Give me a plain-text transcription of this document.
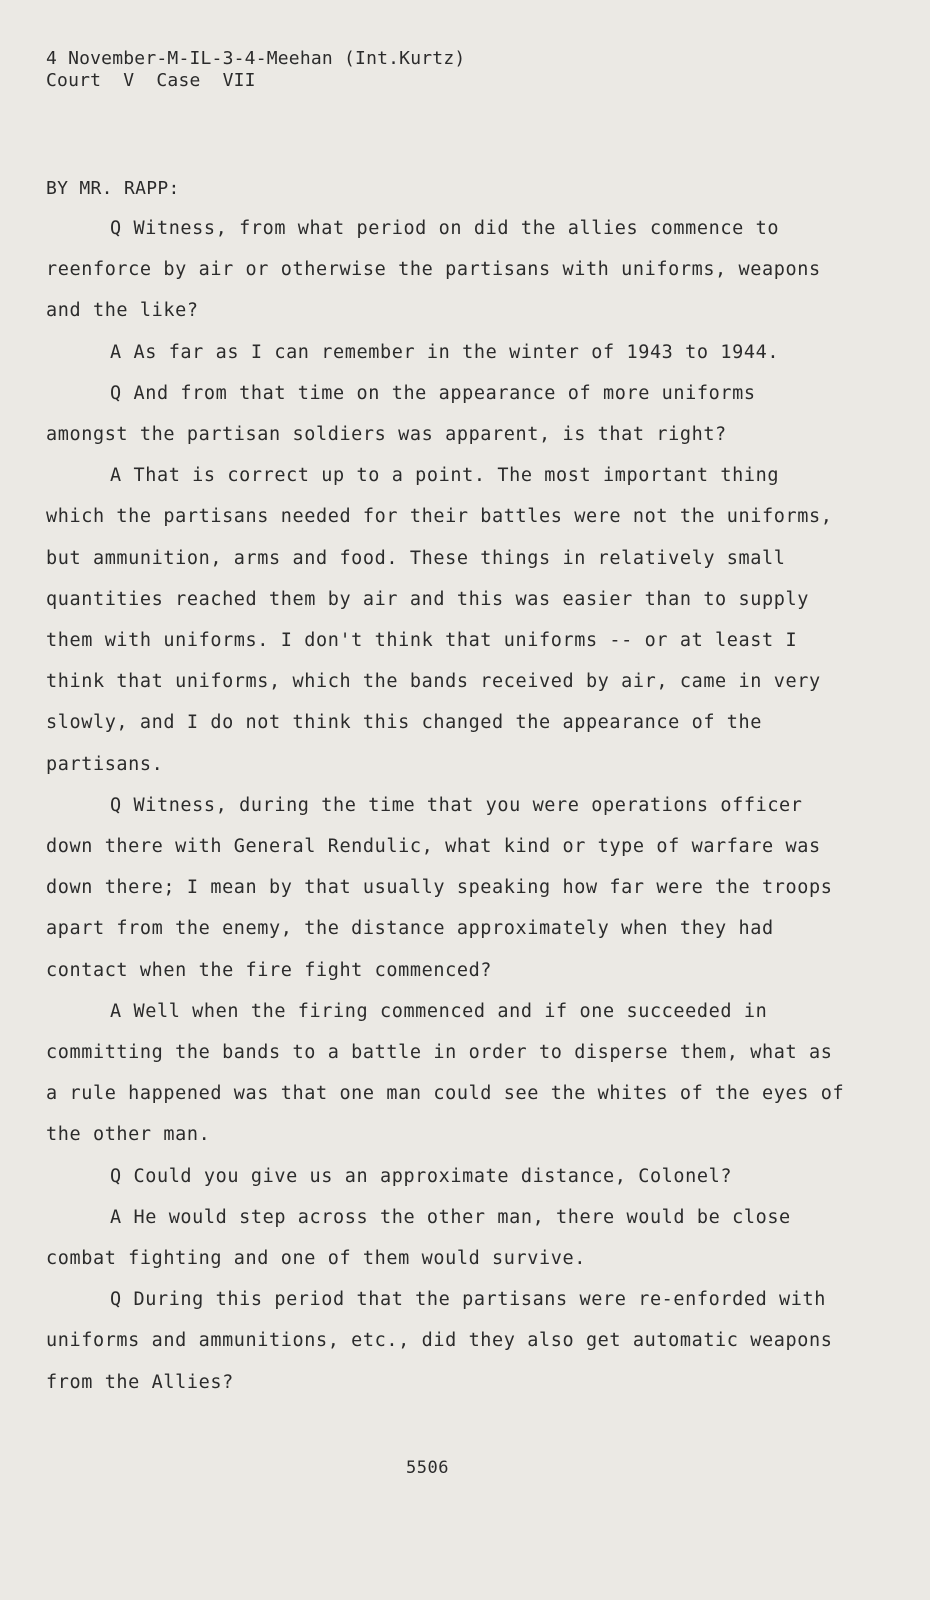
4 November-M-IL-3-4-Meehan (Int.Kurtz)
Court  V  Case  VII
BY MR. RAPP:

Q Witness, from what period on did the allies commence to reenforce by air or otherwise the partisans with uniforms, weapons and the like?

A As far as I can remember in the winter of 1943 to 1944.

Q And from that time on the appearance of more uniforms amongst the partisan soldiers was apparent, is that right?

A That is correct up to a point. The most important thing which the partisans needed for their battles were not the uniforms, but ammunition, arms and food. These things in relatively small quantities reached them by air and this was easier than to supply them with uniforms. I don't think that uniforms -- or at least I think that uniforms, which the bands received by air, came in very slowly, and I do not think this changed the appearance of the partisans.

Q Witness, during the time that you were operations officer down there with General Rendulic, what kind or type of warfare was down there; I mean by that usually speaking how far were the troops apart from the enemy, the distance approximately when they had contact when the fire fight commenced?

A Well when the firing commenced and if one succeeded in committing the bands to a battle in order to disperse them, what as a rule happened was that one man could see the whites of the eyes of the other man.

Q Could you give us an approximate distance, Colonel?

A He would step across the other man, there would be close combat fighting and one of them would survive.

Q During this period that the partisans were re-enforded with uniforms and ammunitions, etc., did they also get automatic weapons from the Allies?

5506
